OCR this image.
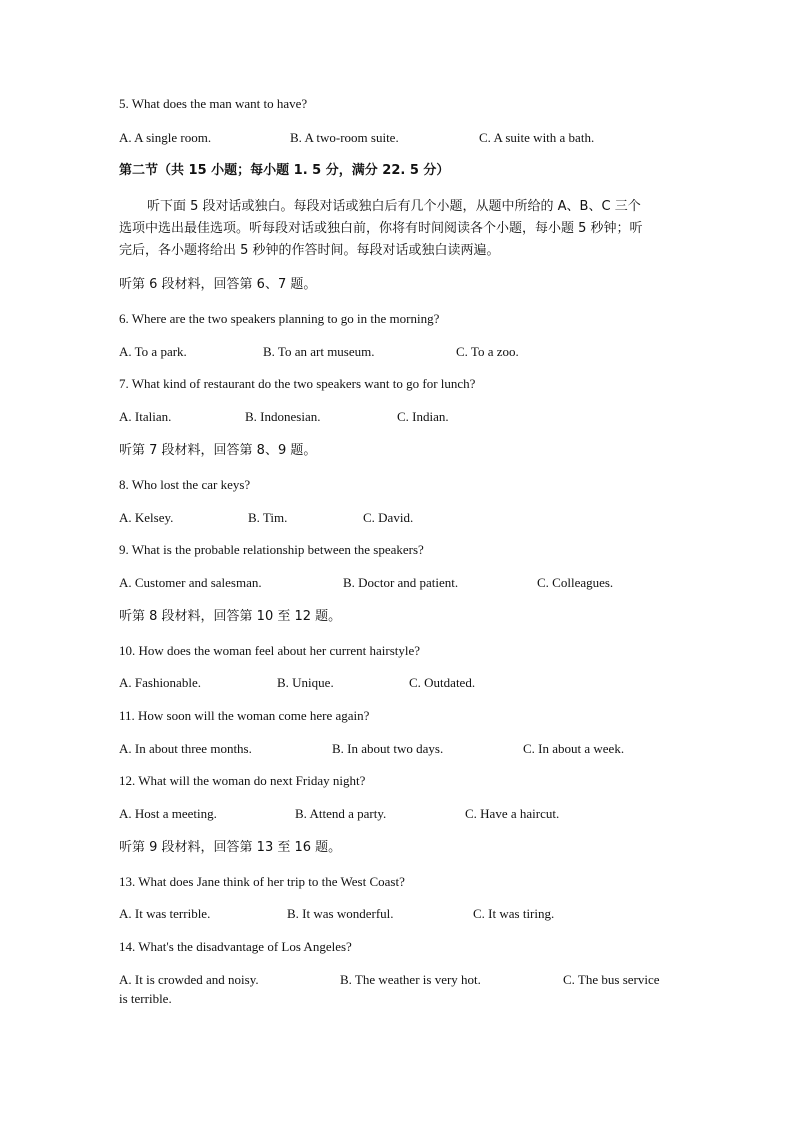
5. What does the man want to have?
A. A single room.	B. A two-room suite.	C. A suite with a bath.
第二节（共 15 小题；每小题 1. 5 分，满分 22. 5 分）
听下面 5 段对话或独白。每段对话或独白后有几个小题，从题中所给的 A、B、C 三个
选项中选出最佳选项。听每段对话或独白前，你将有时间阅读各个小题，每小题 5 秒钟；听
完后，各小题将给出 5 秒钟的作答时间。每段对话或独白读两遍。
听第 6 段材料，回答第 6、7 题。
6. Where are the two speakers planning to go in the morning?
A. To a park.	B. To an art museum.	C. To a zoo.
7. What kind of restaurant do the two speakers want to go for lunch?
A. Italian.	B. Indonesian.	C. Indian.
听第 7 段材料，回答第 8、9 题。
8. Who lost the car keys?
A. Kelsey.	B. Tim.	C. David.
9. What is the probable relationship between the speakers?
A. Customer and salesman.	B. Doctor and patient.	C. Colleagues.
听第 8 段材料，回答第 10 至 12 题。
10. How does the woman feel about her current hairstyle?
A. Fashionable.	B. Unique.	C. Outdated.
11. How soon will the woman come here again?
A. In about three months.	B. In about two days.	C. In about a week.
12. What will the woman do next Friday night?
A. Host a meeting.	B. Attend a party.	C. Have a haircut.
听第 9 段材料，回答第 13 至 16 题。
13. What does Jane think of her trip to the West Coast?
A. It was terrible.	B. It was wonderful.	C. It was tiring.
14. What's the disadvantage of Los Angeles?
A. It is crowded and noisy.	B. The weather is very hot.	C. The bus service
is terrible.
